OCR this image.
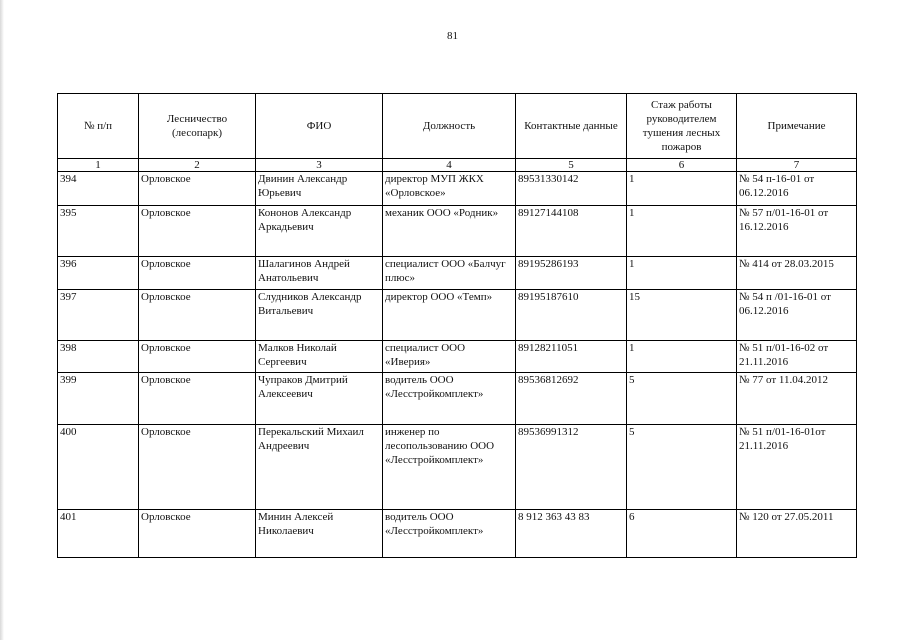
81
№ п/п	Лесничество (лесопарк)	ФИО	Должность	Контактные данные	Стаж работы руководителем тушения лесных пожаров	Примечание
1	2	3	4	5	6	7
394	Орловское	Двинин Александр Юрьевич	директор МУП ЖКХ «Орловское»	89531330142	1	№ 54 п-16-01 от 06.12.2016
395	Орловское	Кононов Александр Аркадьевич	механик ООО «Родник»	89127144108	1	№ 57 п/01-16-01 от 16.12.2016
396	Орловское	Шалагинов Андрей Анатольевич	специалист ООО «Балчуг плюс»	89195286193	1	№ 414 от 28.03.2015
397	Орловское	Слудников Александр Витальевич	директор ООО «Темп»	89195187610	15	№ 54 п /01-16-01 от 06.12.2016
398	Орловское	Малков Николай Сергеевич	специалист ООО «Иверия»	89128211051	1	№ 51 п/01-16-02 от 21.11.2016
399	Орловское	Чупраков Дмитрий Алексеевич	водитель ООО «Лесстройкомплект»	89536812692	5	№ 77 от 11.04.2012
400	Орловское	Перекальский Михаил Андреевич	инженер по лесопользованию ООО «Лесстройкомплект»	89536991312	5	№ 51 п/01-16-01от 21.11.2016
401	Орловское	Минин Алексей Николаевич	водитель ООО «Лесстройкомплект»	8 912 363 43 83	6	№ 120 от 27.05.2011
